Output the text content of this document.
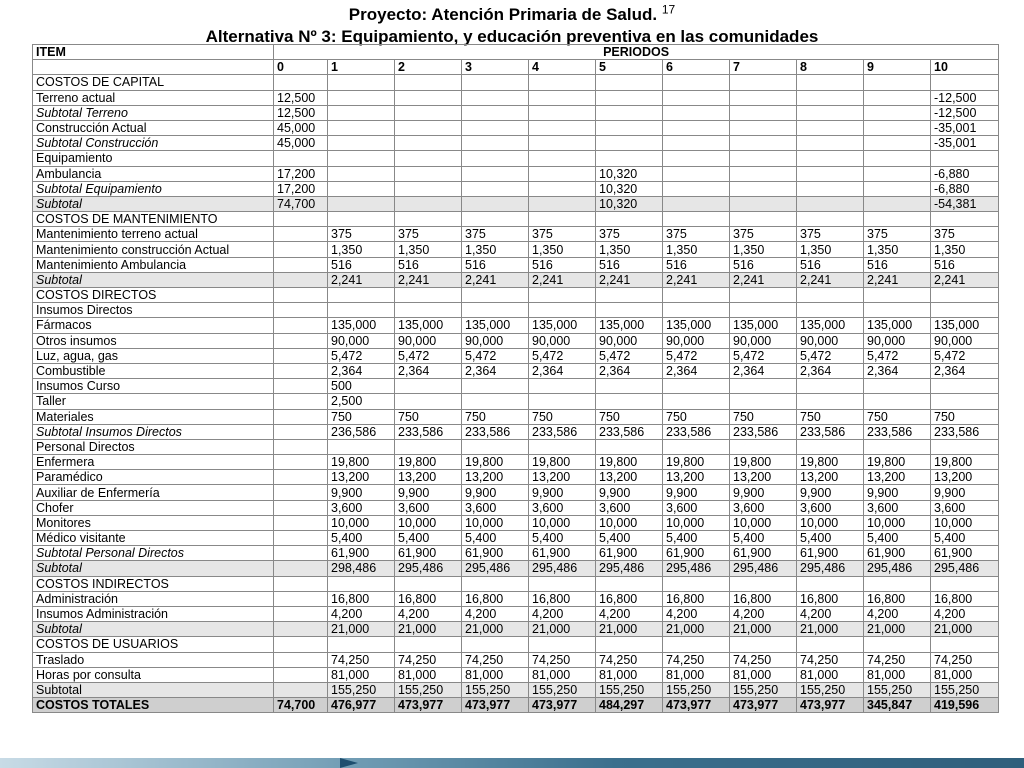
Proyecto: Atención Primaria de Salud. $^{17}$
Alternativa Nº 3: Equipamiento, y educación preventiva en las comunidades
ITEM	PERIODOS										
	0	1	2	3	4	5	6	7	8	9	10
COSTOS DE CAPITAL											
Terreno actual	12,500										-12,500
Subtotal Terreno	12,500										-12,500
Construcción Actual	45,000										-35,001
Subtotal Construcción	45,000										-35,001
Equipamiento											
Ambulancia	17,200					10,320					-6,880
Subtotal Equipamiento	17,200					10,320					-6,880
Subtotal	74,700					10,320					-54,381
COSTOS DE MANTENIMIENTO											
Mantenimiento terreno actual		375	375	375	375	375	375	375	375	375	375
Mantenimiento construcción Actual		1,350	1,350	1,350	1,350	1,350	1,350	1,350	1,350	1,350	1,350
Mantenimiento Ambulancia		516	516	516	516	516	516	516	516	516	516
Subtotal		2,241	2,241	2,241	2,241	2,241	2,241	2,241	2,241	2,241	2,241
COSTOS DIRECTOS											
Insumos Directos											
Fármacos		135,000	135,000	135,000	135,000	135,000	135,000	135,000	135,000	135,000	135,000
Otros insumos		90,000	90,000	90,000	90,000	90,000	90,000	90,000	90,000	90,000	90,000
Luz, agua, gas		5,472	5,472	5,472	5,472	5,472	5,472	5,472	5,472	5,472	5,472
Combustible		2,364	2,364	2,364	2,364	2,364	2,364	2,364	2,364	2,364	2,364
Insumos Curso		500									
Taller		2,500									
Materiales		750	750	750	750	750	750	750	750	750	750
Subtotal Insumos Directos		236,586	233,586	233,586	233,586	233,586	233,586	233,586	233,586	233,586	233,586
Personal Directos											
Enfermera		19,800	19,800	19,800	19,800	19,800	19,800	19,800	19,800	19,800	19,800
Paramédico		13,200	13,200	13,200	13,200	13,200	13,200	13,200	13,200	13,200	13,200
Auxiliar de Enfermería		9,900	9,900	9,900	9,900	9,900	9,900	9,900	9,900	9,900	9,900
Chofer		3,600	3,600	3,600	3,600	3,600	3,600	3,600	3,600	3,600	3,600
Monitores		10,000	10,000	10,000	10,000	10,000	10,000	10,000	10,000	10,000	10,000
Médico visitante		5,400	5,400	5,400	5,400	5,400	5,400	5,400	5,400	5,400	5,400
Subtotal Personal Directos		61,900	61,900	61,900	61,900	61,900	61,900	61,900	61,900	61,900	61,900
Subtotal		298,486	295,486	295,486	295,486	295,486	295,486	295,486	295,486	295,486	295,486
COSTOS INDIRECTOS											
Administración		16,800	16,800	16,800	16,800	16,800	16,800	16,800	16,800	16,800	16,800
Insumos Administración		4,200	4,200	4,200	4,200	4,200	4,200	4,200	4,200	4,200	4,200
Subtotal		21,000	21,000	21,000	21,000	21,000	21,000	21,000	21,000	21,000	21,000
COSTOS DE USUARIOS											
Traslado		74,250	74,250	74,250	74,250	74,250	74,250	74,250	74,250	74,250	74,250
Horas por consulta		81,000	81,000	81,000	81,000	81,000	81,000	81,000	81,000	81,000	81,000
Subtotal		155,250	155,250	155,250	155,250	155,250	155,250	155,250	155,250	155,250	155,250
COSTOS TOTALES	74,700	476,977	473,977	473,977	473,977	484,297	473,977	473,977	473,977	345,847	419,596
